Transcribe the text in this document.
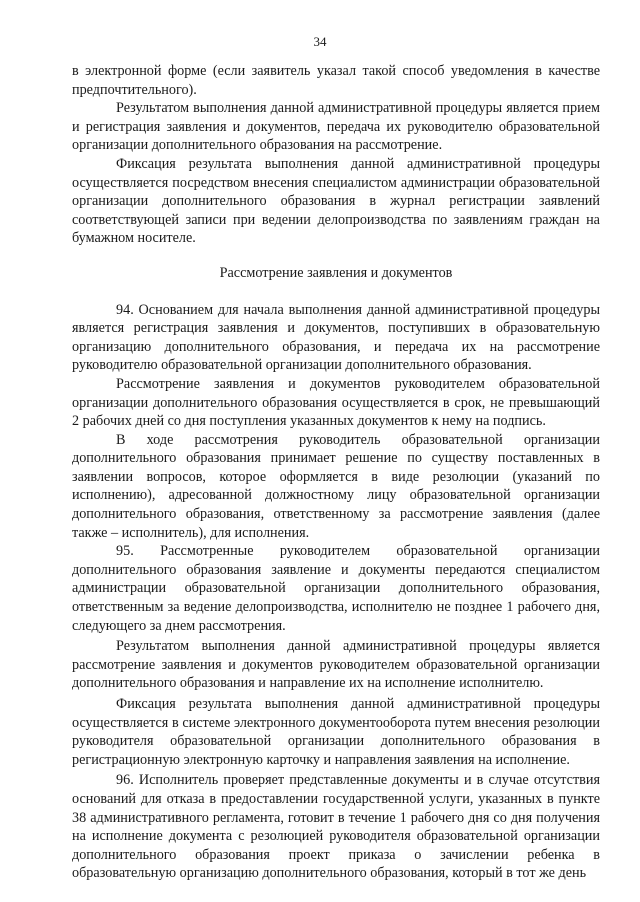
34

в электронной форме (если заявитель указал такой способ уведомления в качестве предпочтительного).

Результатом выполнения данной административной процедуры является прием и регистрация заявления и документов, передача их руководителю образовательной организации дополнительного образования на рассмотрение.

Фиксация результата выполнения данной административной процедуры осуществляется посредством внесения специалистом администрации образовательной организации дополнительного образования в журнал регистрации заявлений соответствующей записи при ведении делопроизводства по заявлениям граждан на бумажном носителе.

Рассмотрение заявления и документов

94. Основанием для начала выполнения данной административной процедуры является регистрация заявления и документов, поступивших в образовательную организацию дополнительного образования, и передача их на рассмотрение руководителю образовательной организации дополнительного образования.

Рассмотрение заявления и документов руководителем образовательной организации дополнительного образования осуществляется в срок, не превышающий 2 рабочих дней со дня поступления указанных документов к нему на подпись.

В ходе рассмотрения руководитель образовательной организации дополнительного образования принимает решение по существу поставленных в заявлении вопросов, которое оформляется в виде резолюции (указаний по исполнению), адресованной должностному лицу образовательной организации дополнительного образования, ответственному за рассмотрение заявления (далее также – исполнитель), для исполнения.

95. Рассмотренные руководителем образовательной организации дополнительного образования заявление и документы передаются специалистом администрации образовательной организации дополнительного образования, ответственным за ведение делопроизводства, исполнителю не позднее 1 рабочего дня, следующего за днем рассмотрения.

Результатом выполнения данной административной процедуры является рассмотрение заявления и документов руководителем образовательной организации дополнительного образования и направление их на исполнение исполнителю.

Фиксация результата выполнения данной административной процедуры осуществляется в системе электронного документооборота путем внесения резолюции руководителя образовательной организации дополнительного образования в регистрационную электронную карточку и направления заявления на исполнение.

96. Исполнитель проверяет представленные документы и в случае отсутствия оснований для отказа в предоставлении государственной услуги, указанных в пункте 38 административного регламента, готовит в течение 1 рабочего дня со дня получения на исполнение документа с резолюцией руководителя образовательной организации дополнительного образования проект приказа о зачислении ребенка в образовательную организацию дополнительного образования, который в тот же день
